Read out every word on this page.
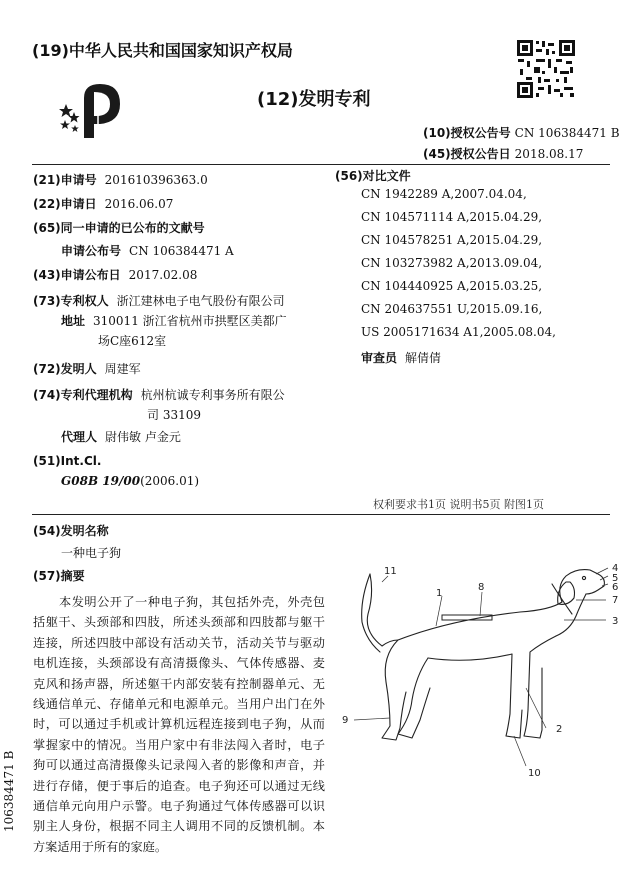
(19)中华人民共和国国家知识产权局
(12)发明专利
(10)授权公告号 CN 106384471 B
(45)授权公告日 2018.08.17
(21)申请号 201610396363.0
(22)申请日 2016.06.07
(65)同一申请的已公布的文献号
申请公布号 CN 106384471 A
(43)申请公布日 2017.02.08
(73)专利权人 浙江建林电子电气股份有限公司
地址 310011 浙江省杭州市拱墅区美都广
场C座612室
(72)发明人 周建军
(74)专利代理机构 杭州杭诚专利事务所有限公
司 33109
代理人 尉伟敏 卢金元
(51)Int.Cl.
G08B 19/00(2006.01)
(56)对比文件
CN 1942289 A,2007.04.04,
CN 104571114 A,2015.04.29,
CN 104578251 A,2015.04.29,
CN 103273982 A,2013.09.04,
CN 104440925 A,2015.03.25,
CN 204637551 U,2015.09.16,
US 2005171634 A1,2005.08.04,
审查员 解倩倩
权利要求书1页 说明书5页 附图1页
(54)发明名称
一种电子狗
(57)摘要
本发明公开了一种电子狗，其包括外壳，外壳包括躯干、头颈部和四肢，所述头颈部和四肢都与躯干连接，所述四肢中部设有活动关节，活动关节与驱动电机连接，头颈部设有高清摄像头、气体传感器、麦克风和扬声器，所述躯干内部安装有控制器单元、无线通信单元、存储单元和电源单元。当用户出门在外时，可以通过手机或计算机远程连接到电子狗，从而掌握家中的情况。当用户家中有非法闯入者时，电子狗可以通过高清摄像头记录闯入者的影像和声音，并进行存储，便于事后的追查。电子狗还可以通过无线通信单元向用户示警。电子狗通过气体传感器可以识别主人身份，根据不同主人调用不同的反馈机制。本方案适用于所有的家庭。
11
1
8
4
5
6
7
3
2
9
10
106384471 B
